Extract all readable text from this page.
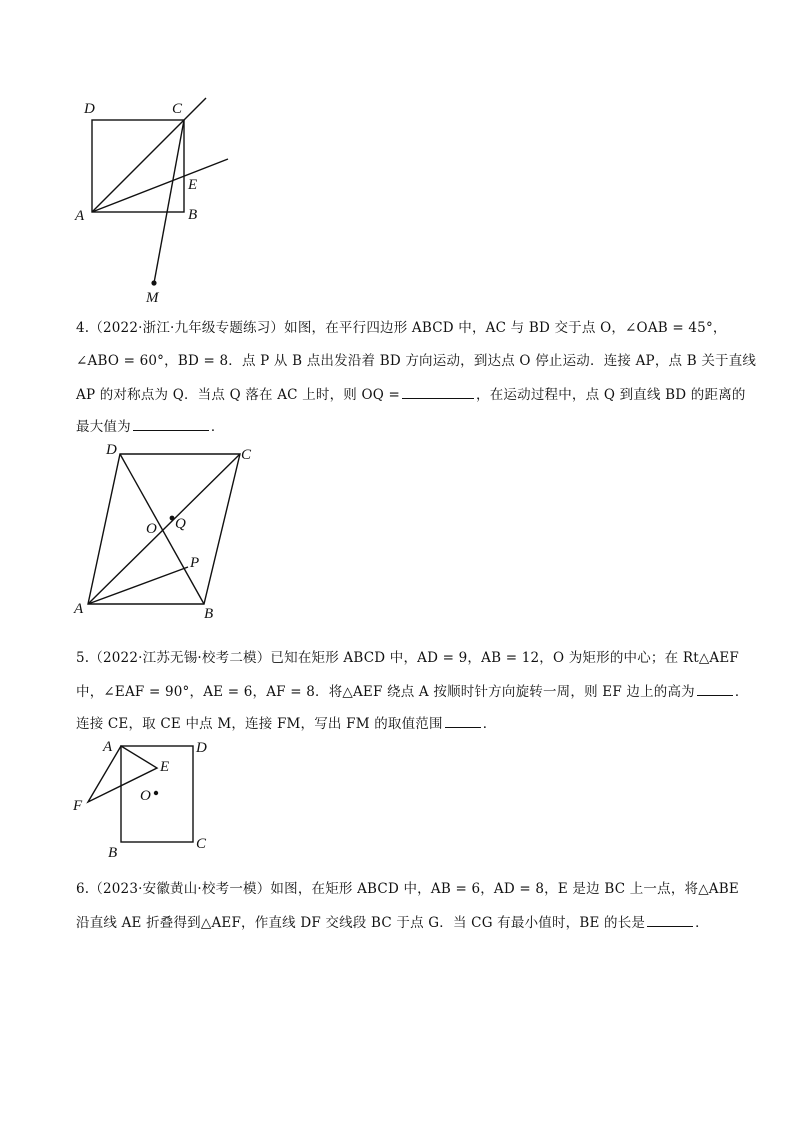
D	C
A	B
E
M
D	C
O Q
P
A	B
A	D
E
F
O
B
C
4.（2022·浙江·九年级专题练习）如图，在平行四边形 ABCD 中，AC 与 BD 交于点 O，∠OAB = 45°，
∠ABO = 60°，BD = 8．点 P 从 B 点出发沿着 BD 方向运动，到达点 O 停止运动．连接 AP，点 B 关于直线
AP 的对称点为 Q．当点 Q 落在 AC 上时，则 OQ =	，在运动过程中，点 Q 到直线 BD 的距离的
最大值为	．
5.（2022·江苏无锡·校考二模）已知在矩形 ABCD 中，AD = 9，AB = 12，O 为矩形的中心；在 Rt△AEF
中，∠EAF = 90°，AE = 6，AF = 8．将△AEF 绕点 A 按顺时针方向旋转一周，则 EF 边上的高为	．
连接 CE，取 CE 中点 M，连接 FM，写出 FM 的取值范围	．
6.（2023·安徽黄山·校考一模）如图，在矩形 ABCD 中，AB = 6，AD = 8，E 是边 BC 上一点，将△ABE
沿直线 AE 折叠得到△AEF，作直线 DF 交线段 BC 于点 G．当 CG 有最小值时，BE 的长是	．
